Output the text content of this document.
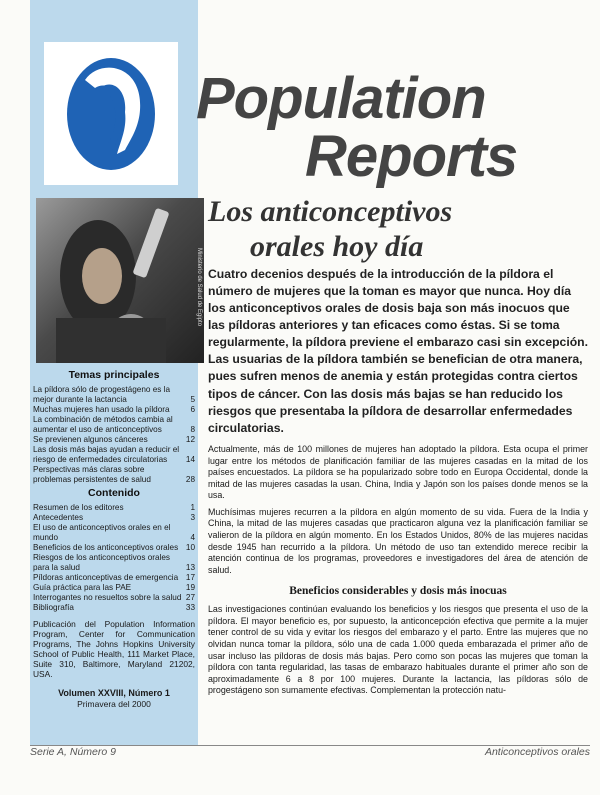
Ministerio de Salud de Egipto
Temas principales
La píldora sólo de progestágeno es la mejor durante la lactancia	5
Muchas mujeres han usado la píldora	6
La combinación de métodos cambia al aumentar el uso de anticonceptivos	8
Se previenen algunos cánceres	12
Las dosis más bajas ayudan a reducir el riesgo de enfermedades circulatorias	14
Perspectivas más claras sobre problemas persistentes de salud	28
Contenido
Resumen de los editores	1
Antecedentes	3
El uso de anticonceptivos orales en el mundo	4
Beneficios de los anticonceptivos orales 10
Riesgos de los anticonceptivos orales para la salud	13
Píldoras anticonceptivas de emergencia 17
Guía práctica para las PAE	19
Interrogantes no resueltos sobre la salud 27
Bibliografía	33
Publicación del Population Information Program, Center for Communication Programs, The Johns Hopkins University School of Public Health, 111 Market Place, Suite 310, Baltimore, Maryland 21202, USA.
Volumen XXVIII, Número 1
Primavera del 2000
Population
Reports
Los anticonceptivos
orales hoy día
Cuatro decenios después de la introducción de la píldora el número de mujeres que la toman es mayor que nunca. Hoy día los anticonceptivos orales de dosis baja son más inocuos que las píldoras anteriores y tan eficaces como éstas. Si se toma regularmente, la píldora previene el embarazo casi sin excepción. Las usuarias de la píldora también se benefician de otra manera, pues sufren menos de anemia y están protegidas contra ciertos tipos de cáncer. Con las dosis más bajas se han reducido los riesgos que presentaba la píldora de desarrollar enfermedades circulatorias.

Actualmente, más de 100 millones de mujeres han adoptado la píldora. Esta ocupa el primer lugar entre los métodos de planificación familiar de las mujeres casadas en la mitad de los países encuestados. La píldora se ha popularizado sobre todo en Europa Occidental, donde la mitad de las mujeres casadas la usan. China, India y Japón son los países donde menos se la usa.

Muchísimas mujeres recurren a la píldora en algún momento de su vida. Fuera de la India y China, la mitad de las mujeres casadas que practicaron alguna vez la planificación familiar se valieron de la píldora en algún momento. En los Estados Unidos, 80% de las mujeres nacidas desde 1945 han recurrido a la píldora. Un método de uso tan extendido merece recibir la atención continua de los programas, proveedores e investigadores del área de atención de salud.

Beneficios considerables y dosis más inocuas

Las investigaciones continúan evaluando los beneficios y los riesgos que presenta el uso de la píldora. El mayor beneficio es, por supuesto, la anticoncepción efectiva que permite a la mujer tener control de su vida y evitar los riesgos del embarazo y el parto. Entre las mujeres que no olvidan nunca tomar la píldora, sólo una de cada 1.000 queda embarazada el primer año de usar incluso las píldoras de dosis más bajas. Pero como son pocas las mujeres que toman la píldora con tanta regularidad, las tasas de embarazo habituales durante el primer año son de aproximadamente 6 a 8 por 100 mujeres. Durante la lactancia, las píldoras sólo de progestágeno son sumamente efectivas. Complementan la protección natu-

Serie A, Número 9	Anticonceptivos orales
